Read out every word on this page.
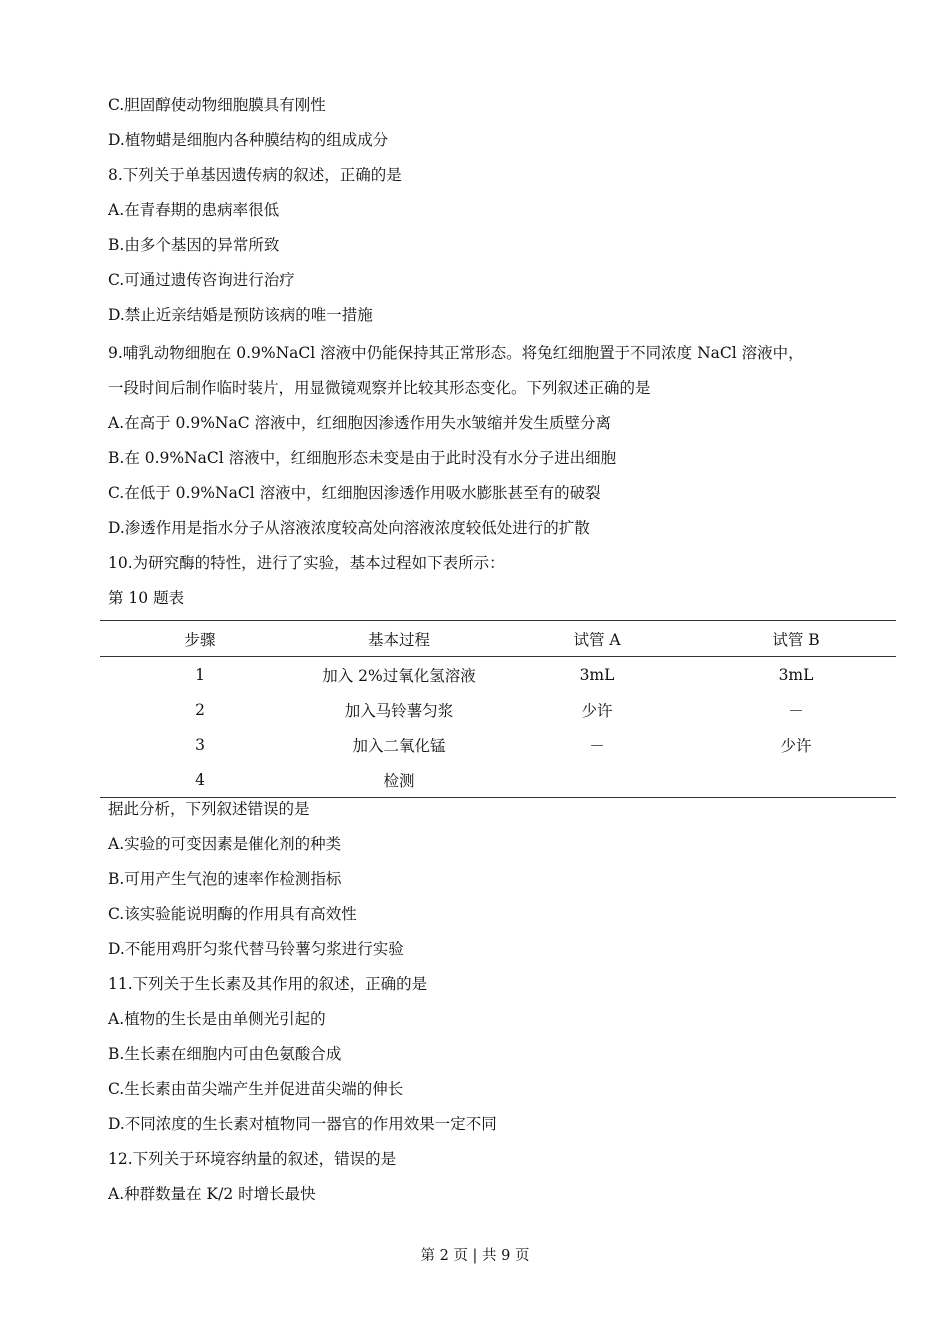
C.胆固醇使动物细胞膜具有刚性
D.植物蜡是细胞内各种膜结构的组成成分
8.下列关于单基因遗传病的叙述，正确的是
A.在青春期的患病率很低
B.由多个基因的异常所致
C.可通过遗传咨询进行治疗
D.禁止近亲结婚是预防该病的唯一措施
9.哺乳动物细胞在 0.9%NaCl 溶液中仍能保持其正常形态。将兔红细胞置于不同浓度 NaCl 溶液中，
一段时间后制作临时装片，用显微镜观察并比较其形态变化。下列叙述正确的是
A.在高于 0.9%NaC 溶液中，红细胞因渗透作用失水皱缩并发生质壁分离
B.在 0.9%NaCl 溶液中，红细胞形态未变是由于此时没有水分子进出细胞
C.在低于 0.9%NaCl 溶液中，红细胞因渗透作用吸水膨胀甚至有的破裂
D.渗透作用是指水分子从溶液浓度较高处向溶液浓度较低处进行的扩散
10.为研究酶的特性，进行了实验，基本过程如下表所示：
第 10 题表
步骤	基本过程	试管 A	试管 B
1	加入 2%过氧化氢溶液	3mL	3mL
2	加入马铃薯匀浆	少许	－
3	加入二氧化锰	－	少许
4	检测		
据此分析，下列叙述错误的是
A.实验的可变因素是催化剂的种类
B.可用产生气泡的速率作检测指标
C.该实验能说明酶的作用具有高效性
D.不能用鸡肝匀浆代替马铃薯匀浆进行实验
11.下列关于生长素及其作用的叙述，正确的是
A.植物的生长是由单侧光引起的
B.生长素在细胞内可由色氨酸合成
C.生长素由苗尖端产生并促进苗尖端的伸长
D.不同浓度的生长素对植物同一器官的作用效果一定不同
12.下列关于环境容纳量的叙述，错误的是
A.种群数量在 K/2 时增长最快
第 2 页 | 共 9 页
